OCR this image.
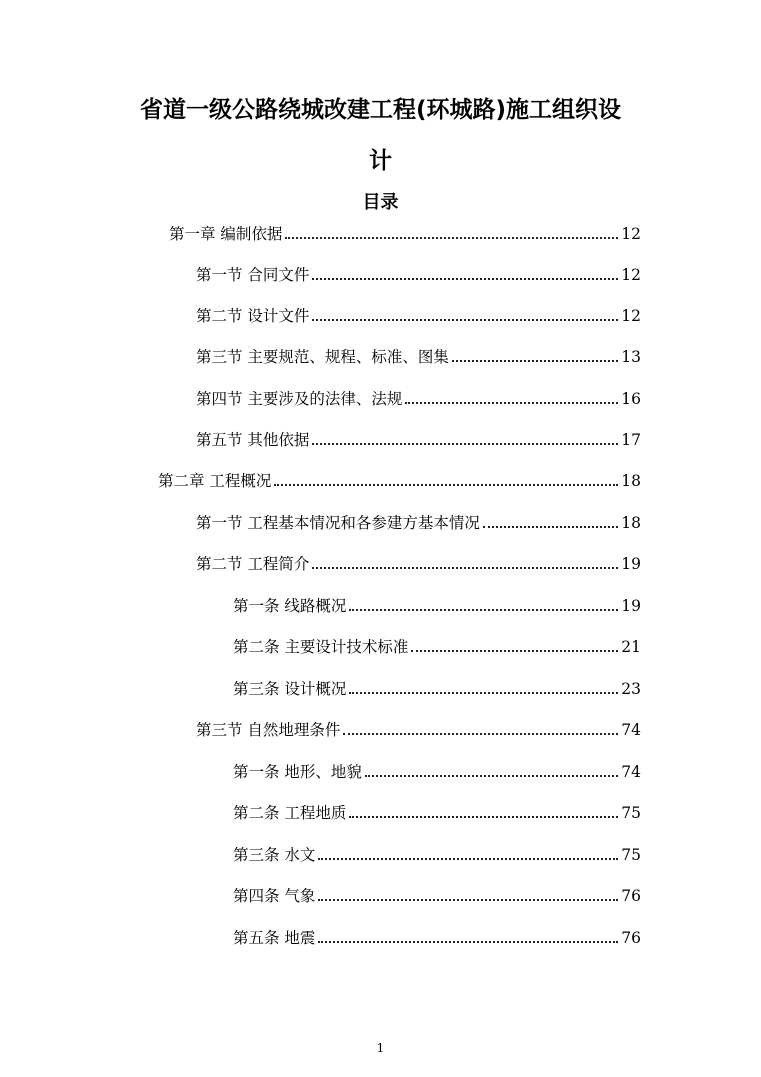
省道一级公路绕城改建工程(环城路)施工组织设
计
目录
第一章 编制依据	12
第一节 合同文件	12
第二节 设计文件	12
第三节 主要规范、规程、标准、图集	13
第四节 主要涉及的法律、法规	16
第五节 其他依据	17
第二章 工程概况	18
第一节 工程基本情况和各参建方基本情况	18
第二节 工程简介	19
第一条 线路概况	19
第二条 主要设计技术标准	21
第三条 设计概况	23
第三节 自然地理条件	74
第一条 地形、地貌	74
第二条 工程地质	75
第三条 水文	75
第四条 气象	76
第五条 地震	76
1
